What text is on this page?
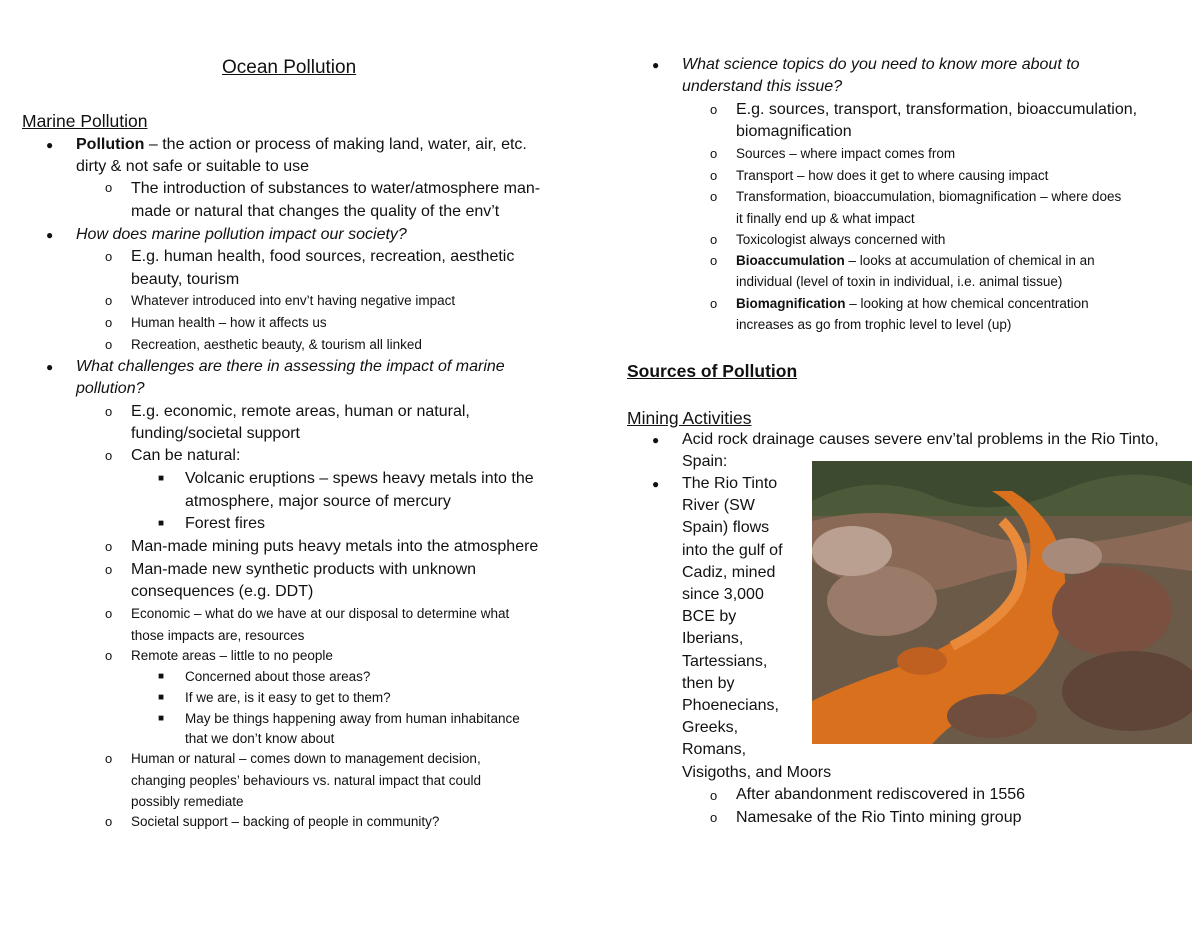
Ocean Pollution
Marine Pollution
● Pollution – the action or process of making land, water, air, etc.
dirty & not safe or suitable to use
o The introduction of substances to water/atmosphere man-
made or natural that changes the quality of the env’t
● How does marine pollution impact our society?
o E.g. human health, food sources, recreation, aesthetic
beauty, tourism
o Whatever introduced into env’t having negative impact
o Human health – how it affects us
o Recreation, aesthetic beauty, & tourism all linked
● What challenges are there in assessing the impact of marine
pollution?
o E.g. economic, remote areas, human or natural,
funding/societal support
o Can be natural:
■ Volcanic eruptions – spews heavy metals into the
atmosphere, major source of mercury
■ Forest fires
o Man-made mining puts heavy metals into the atmosphere
o Man-made new synthetic products with unknown
consequences (e.g. DDT)
o Economic – what do we have at our disposal to determine what
those impacts are, resources
o Remote areas – little to no people
■ Concerned about those areas?
■ If we are, is it easy to get to them?
■ May be things happening away from human inhabitance
that we don’t know about
o Human or natural – comes down to management decision,
changing peoples’ behaviours vs. natural impact that could
possibly remediate
o Societal support – backing of people in community?
● What science topics do you need to know more about to
understand this issue?
o E.g. sources, transport, transformation, bioaccumulation,
biomagnification
o Sources – where impact comes from
o Transport – how does it get to where causing impact
o Transformation, bioaccumulation, biomagnification – where does
it finally end up & what impact
o Toxicologist always concerned with
o Bioaccumulation – looks at accumulation of chemical in an
individual (level of toxin in individual, i.e. animal tissue)
o Biomagnification – looking at how chemical concentration
increases as go from trophic level to level (up)
Sources of Pollution
Mining Activities
● Acid rock drainage causes severe env’tal problems in the Rio Tinto,
Spain:
● The Rio Tinto
River (SW
Spain) flows
into the gulf of
Cadiz, mined
since 3,000
BCE by
Iberians,
Tartessians,
then by
Phoenecians,
Greeks,
Romans,
Visigoths, and Moors
o After abandonment rediscovered in 1556
o Namesake of the Rio Tinto mining group
